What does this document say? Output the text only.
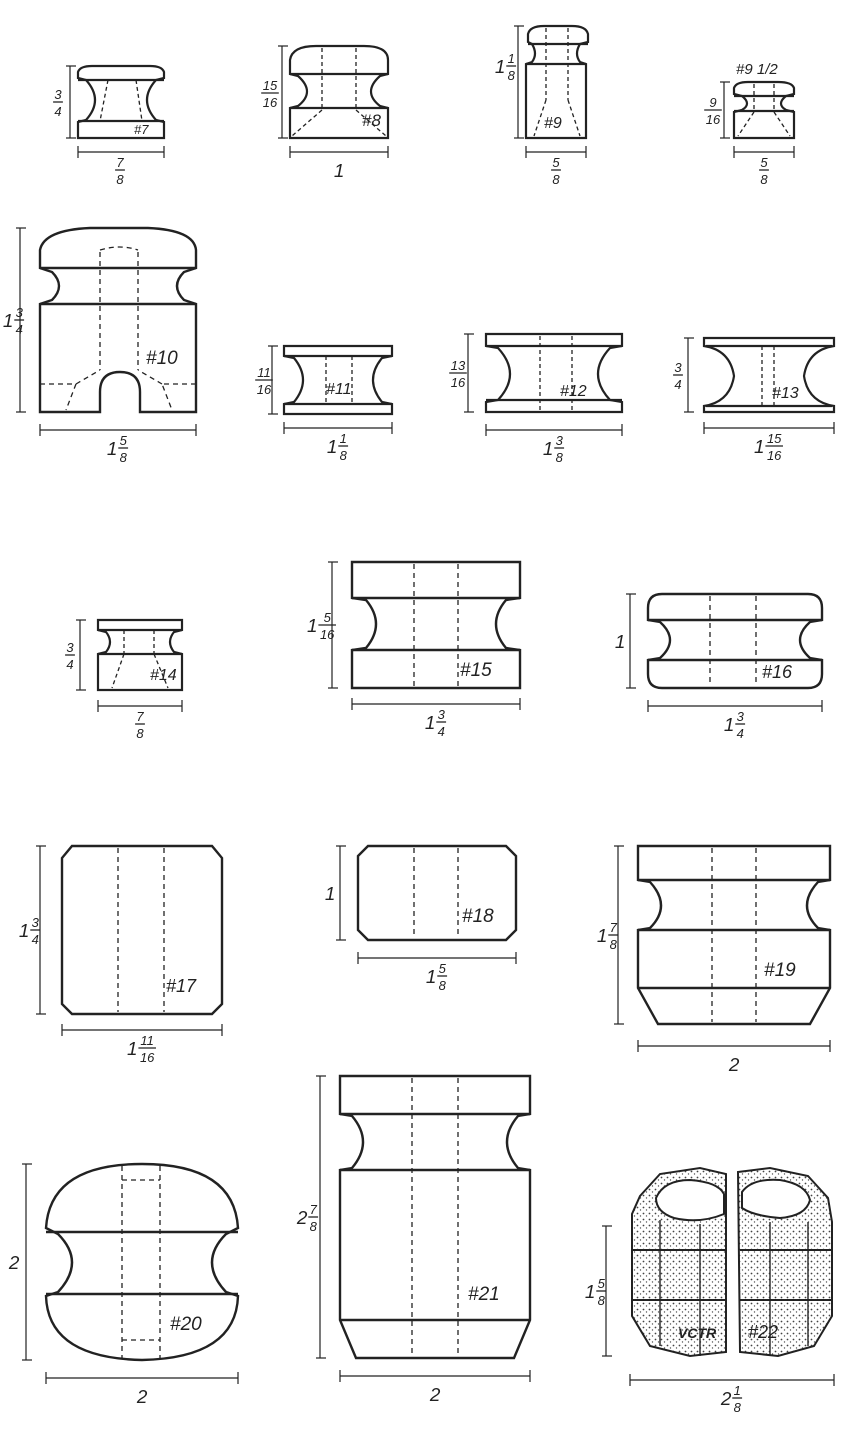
#7	#8	#9
#9 1/2
#10
#11	#12	#13
#14	#15	#16
#17
#18
#19
#20
#21
VCTR #22
3
4
7
8
15
16
1
1 1
8
5
8
9
16
5
8
1 3
4
1 5
8
11
16
1 1
8
13
16
1 3
8
3
4
1 15
16
3
4
7
8
1 5
16
1 3
4
1
1 3
4
1 3
4
1 11
16
1
1 5
8
1 7
8
2
2
2
2 7
8
2
1 5
8
2 1
8
